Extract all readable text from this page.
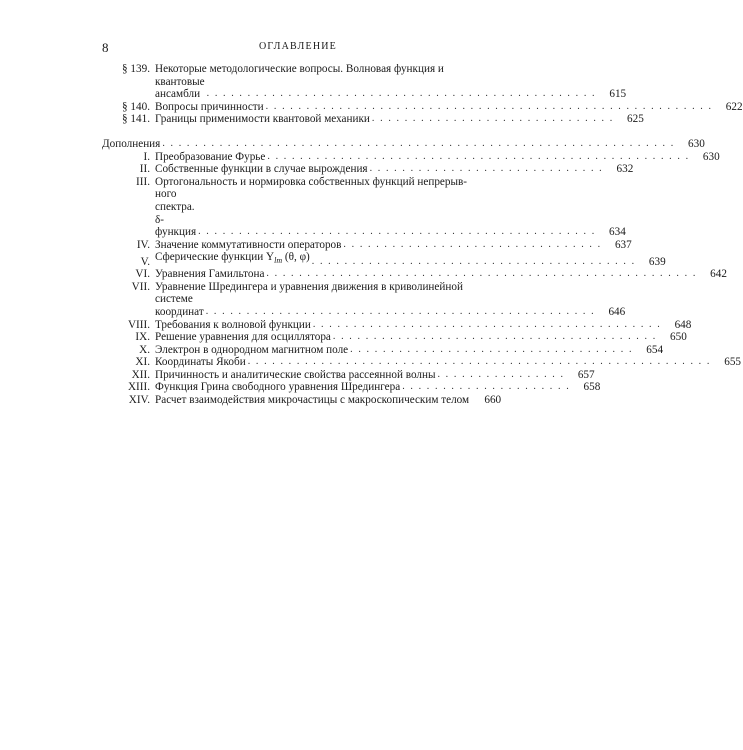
8	ОГЛАВЛЕНИЕ
§ 139. Некоторые методологические вопросы. Волновая функция и
квантовые ансамбли . . . . . . . . . . . . . . . . . . . . . . . . . . . . . . . . . . . . . . . . . . . . . . . .	615
§ 140. Вопросы причинности . . . . . . . . . . . . . . . . . . . . . . . . . . . . . . . . . . . . . . . . . . . . . . . . . . . . . . .	622
§ 141. Границы применимости квантовой механики . . . . . . . . . . . . . . . . . . . . . . . . . . . . . .	625
Дополнения . . . . . . . . . . . . . . . . . . . . . . . . . . . . . . . . . . . . . . . . . . . . . . . . . . . . . . . . . . . . . . .	630
I. Преобразование Фурье . . . . . . . . . . . . . . . . . . . . . . . . . . . . . . . . . . . . . . . . . . . . . . . . . . . .	630
II. Собственные функции в случае вырождения . . . . . . . . . . . . . . . . . . . . . . . . . . . . .	632
III. Ортогональность и нормировка собственных функций непрерыв-
ного спектра. δ-функция . . . . . . . . . . . . . . . . . . . . . . . . . . . . . . . . . . . . . . . . . . . . . . . . .	634
IV. Значение коммутативности операторов . . . . . . . . . . . . . . . . . . . . . . . . . . . . . . . .	637
V. Сферические функции $Y_{lm}$ (θ, φ) . . . . . . . . . . . . . . . . . . . . . . . . . . . . . . . . . . . . . . . .	639
VI. Уравнения Гамильтона . . . . . . . . . . . . . . . . . . . . . . . . . . . . . . . . . . . . . . . . . . . . . . . . . . . . .	642
VII. Уравнение Шредингера и уравнения движения в криволинейной
системе координат . . . . . . . . . . . . . . . . . . . . . . . . . . . . . . . . . . . . . . . . . . . . . . . .	646
VIII. Требования к волновой функции . . . . . . . . . . . . . . . . . . . . . . . . . . . . . . . . . . . . . . . . . . .	648
IX. Решение уравнения для осциллятора . . . . . . . . . . . . . . . . . . . . . . . . . . . . . . . . . . . . . . . .	650
X. Электрон в однородном магнитном поле . . . . . . . . . . . . . . . . . . . . . . . . . . . . . . . . . . .	654
XI. Координаты Якоби . . . . . . . . . . . . . . . . . . . . . . . . . . . . . . . . . . . . . . . . . . . . . . . . . . . . . . . . .	655
XII. Причинность и аналитические свойства рассеянной волны . . . . . . . . . . . . . . . .	657
XIII. Функция Грина свободного уравнения Шредингера . . . . . . . . . . . . . . . . . . . . .	658
XIV. Расчет взаимодействия микрочастицы с макроскопическим телом	660
